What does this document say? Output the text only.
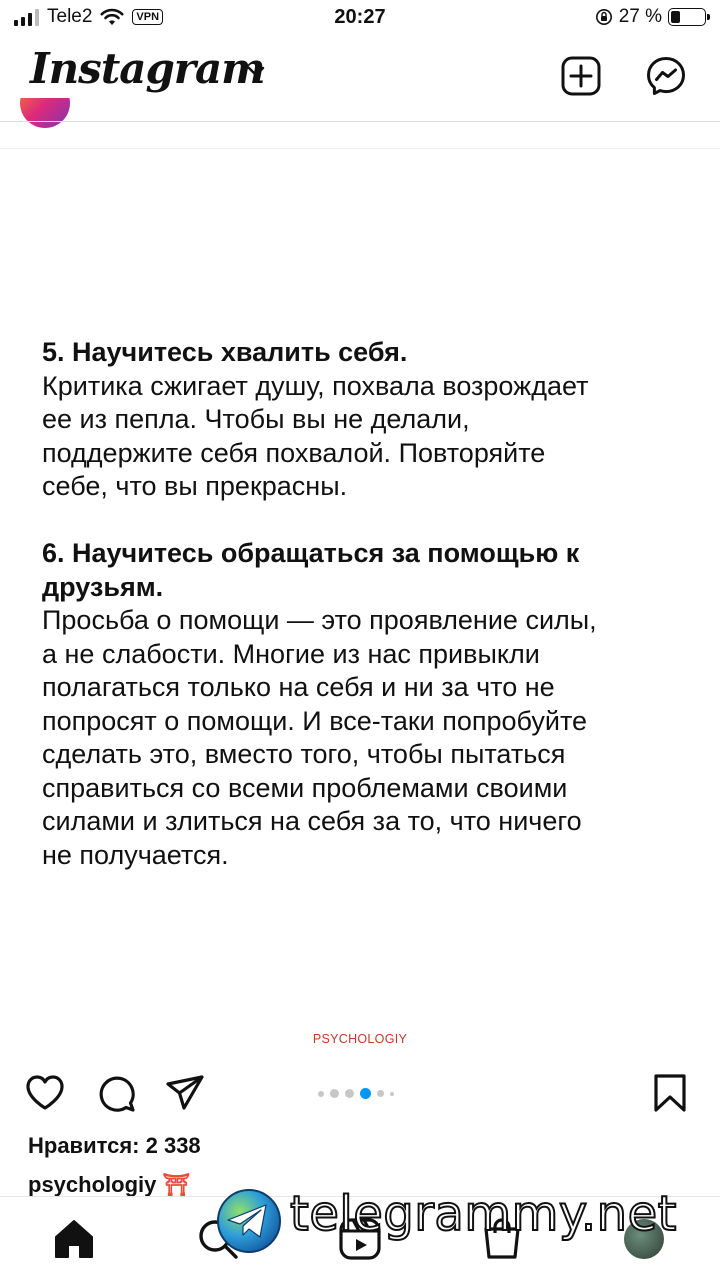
Tele2	VPN	20:27	27 %
Instagram
5. Научитесь хвалить себя.
Критика сжигает душу, похвала возрождает
ее из пепла. Чтобы вы не делали,
поддержите себя похвалой. Повторяйте
себе, что вы прекрасны.
6. Научитесь обращаться за помощью к
друзьям.
Просьба о помощи — это проявление силы,
а не слабости. Многие из нас привыкли
полагаться только на себя и ни за что не
попросят о помощи. И все-таки попробуйте
сделать это, вместо того, чтобы пытаться
справиться со всеми проблемами своими
силами и злиться на себя за то, что ничего
не получается.
PSYCHOLOGIY
Нравится: 2 338
psychologiy ⛩
telegrammy.net
